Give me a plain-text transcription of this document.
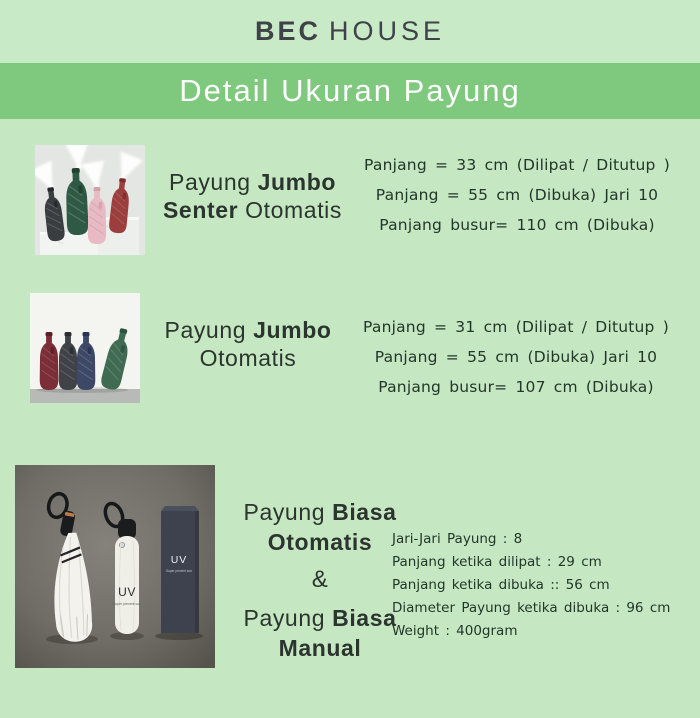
BEC HOUSE
Detail Ukuran Payung
Payung Jumbo
Senter Otomatis
Panjang = 33 cm (Dilipat / Ditutup )
Panjang = 55 cm (Dibuka) Jari 10
Panjang busur= 110 cm (Dibuka)
Payung Jumbo
Otomatis
Panjang = 31 cm (Dilipat / Ditutup )
Panjang = 55 cm (Dibuka) Jari 10
Panjang busur= 107 cm (Dibuka)
UV
Super prevent sun
UV
Super prevent sun
Payung Biasa
Otomatis
&
Payung Biasa
Manual
Jari-Jari Payung : 8
Panjang ketika dilipat : 29 cm
Panjang ketika dibuka :: 56 cm
Diameter Payung ketika dibuka : 96 cm
Weight : 400gram
